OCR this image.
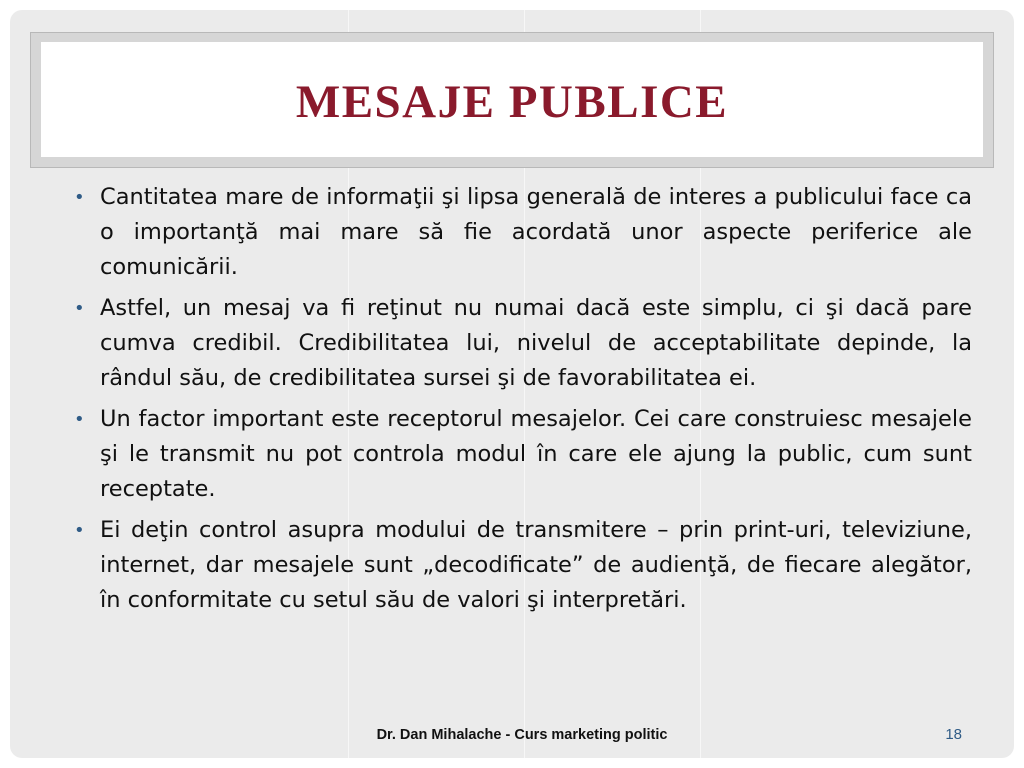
MESAJE PUBLICE
• Cantitatea mare de informaţii şi lipsa generală de interes a publicului face ca o importanţă mai mare să fie acordată unor aspecte periferice ale comunicării.
• Astfel, un mesaj va fi reţinut nu numai dacă este simplu, ci şi dacă pare cumva credibil. Credibilitatea lui, nivelul de acceptabilitate depinde, la rândul său, de credibilitatea sursei şi de favorabilitatea ei.
• Un factor important este receptorul mesajelor. Cei care construiesc mesajele şi le transmit nu pot controla modul în care ele ajung la public, cum sunt receptate.
• Ei deţin control asupra modului de transmitere – prin print-uri, televiziune, internet, dar mesajele sunt „decodificate” de audienţă, de fiecare alegător, în conformitate cu setul său de valori şi interpretări.
Dr. Dan Mihalache - Curs marketing politic	18
